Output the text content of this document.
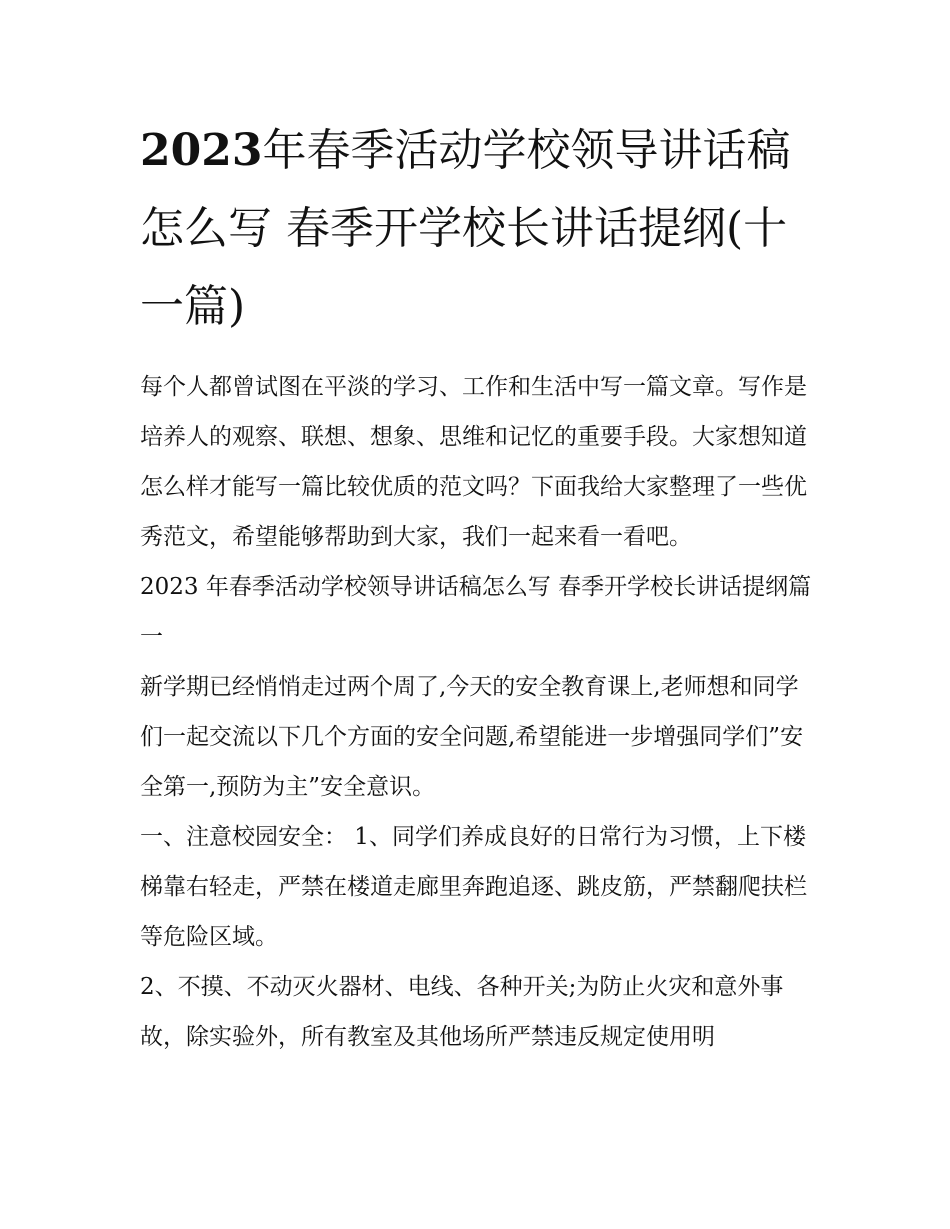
2023年春季活动学校领导讲话稿怎么写 春季开学校长讲话提纲(十一篇)

每个人都曾试图在平淡的学习、工作和生活中写一篇文章。写作是培养人的观察、联想、想象、思维和记忆的重要手段。大家想知道怎么样才能写一篇比较优质的范文吗？下面我给大家整理了一些优秀范文，希望能够帮助到大家，我们一起来看一看吧。

2023 年春季活动学校领导讲话稿怎么写 春季开学校长讲话提纲篇一

新学期已经悄悄走过两个周了,今天的安全教育课上,老师想和同学们一起交流以下几个方面的安全问题,希望能进一步增强同学们”安全第一,预防为主”安全意识。

一、注意校园安全： 1、同学们养成良好的日常行为习惯，上下楼梯靠右轻走，严禁在楼道走廊里奔跑追逐、跳皮筋，严禁翻爬扶栏等危险区域。

2、不摸、不动灭火器材、电线、各种开关;为防止火灾和意外事故，除实验外，所有教室及其他场所严禁违反规定使用明
